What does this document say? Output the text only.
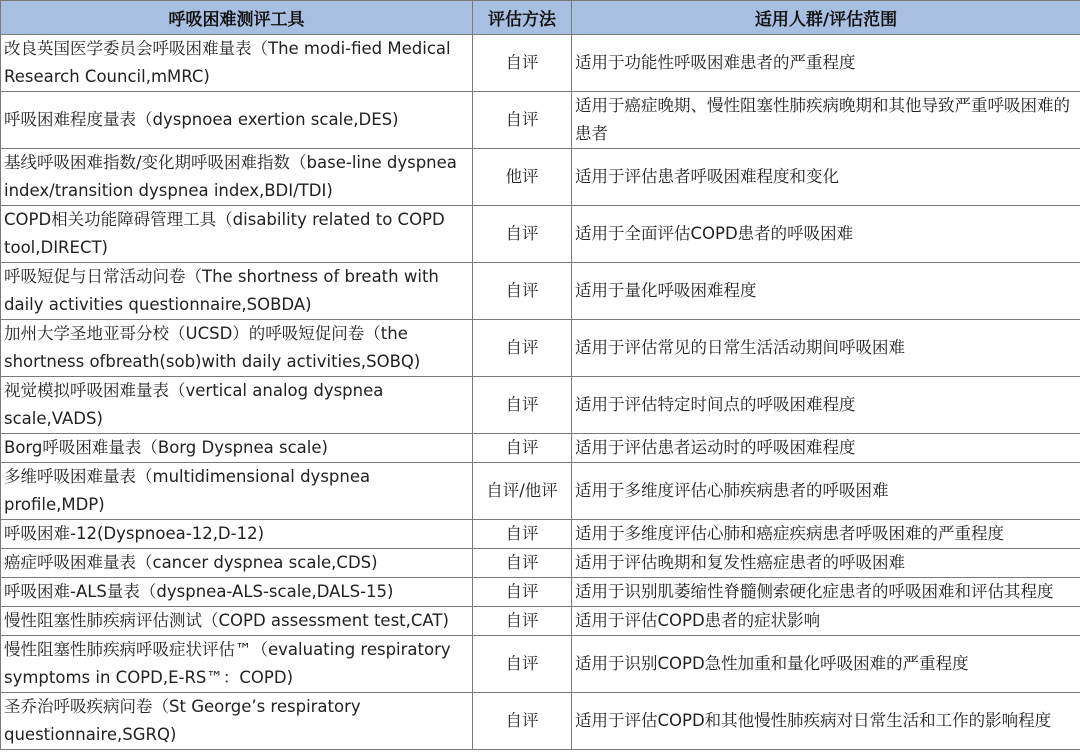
呼吸困难测评工具	评估方法	适用人群/评估范围
改良英国医学委员会呼吸困难量表（The modi-fied Medical Research Council,mMRC)	自评	适用于功能性呼吸困难患者的严重程度
呼吸困难程度量表（dyspnoea exertion scale,DES)	自评	适用于癌症晚期、慢性阻塞性肺疾病晚期和其他导致严重呼吸困难的患者
基线呼吸困难指数/变化期呼吸困难指数（base-line dyspnea index/transition dyspnea index,BDI/TDI)	他评	适用于评估患者呼吸困难程度和变化
COPD相关功能障碍管理工具（disability related to COPD tool,DIRECT)	自评	适用于全面评估COPD患者的呼吸困难
呼吸短促与日常活动问卷（The shortness of breath with daily activities questionnaire,SOBDA)	自评	适用于量化呼吸困难程度
加州大学圣地亚哥分校（UCSD）的呼吸短促问卷（the shortness ofbreath(sob)with daily activities,SOBQ)	自评	适用于评估常见的日常生活活动期间呼吸困难
视觉模拟呼吸困难量表（vertical analog dyspnea scale,VADS)	自评	适用于评估特定时间点的呼吸困难程度
Borg呼吸困难量表（Borg Dyspnea scale)	自评	适用于评估患者运动时的呼吸困难程度
多维呼吸困难量表（multidimensional dyspnea profile,MDP)	自评/他评	适用于多维度评估心肺疾病患者的呼吸困难
呼吸困难-12(Dyspnoea-12,D-12)	自评	适用于多维度评估心肺和癌症疾病患者呼吸困难的严重程度
癌症呼吸困难量表（cancer dyspnea scale,CDS)	自评	适用于评估晚期和复发性癌症患者的呼吸困难
呼吸困难-ALS量表（dyspnea-ALS-scale,DALS-15)	自评	适用于识别肌萎缩性脊髓侧索硬化症患者的呼吸困难和评估其程度
慢性阻塞性肺疾病评估测试（COPD assessment test,CAT)	自评	适用于评估COPD患者的症状影响
慢性阻塞性肺疾病呼吸症状评估™（evaluating respiratory symptoms in COPD,E-RS™：COPD)	自评	适用于识别COPD急性加重和量化呼吸困难的严重程度
圣乔治呼吸疾病问卷（St George’s respiratory questionnaire,SGRQ)	自评	适用于评估COPD和其他慢性肺疾病对日常生活和工作的影响程度
